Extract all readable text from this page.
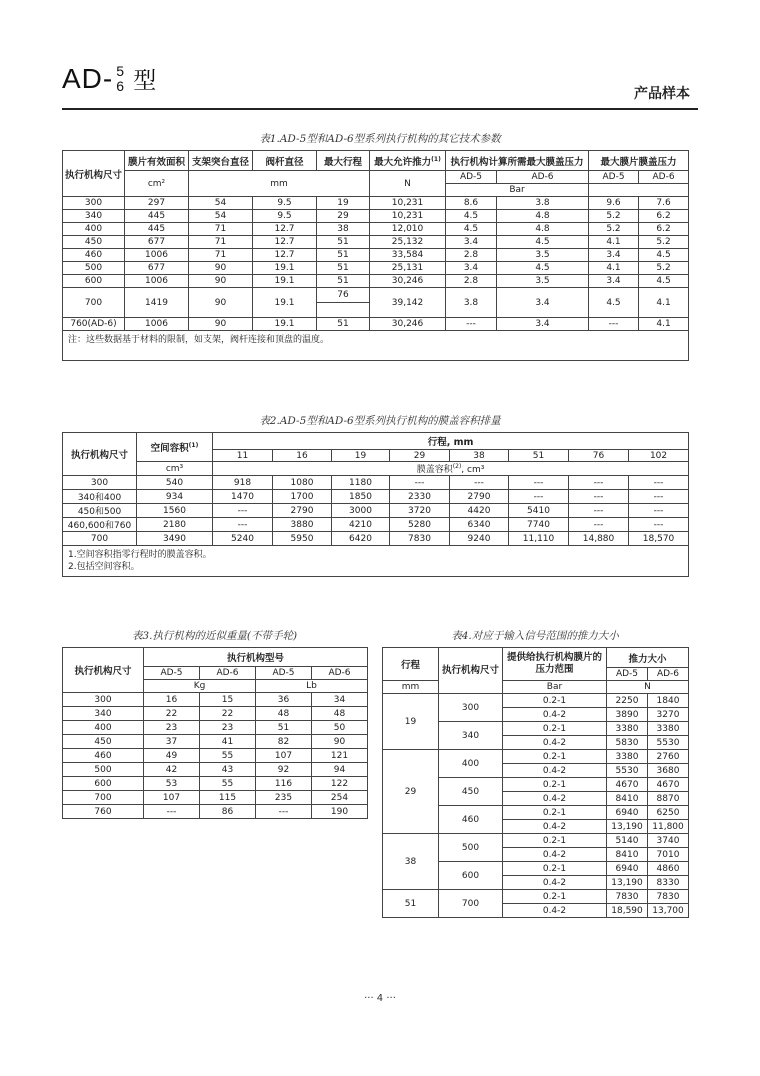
AD- 5
6 型
产品样本
表1.AD-5型和AD-6型系列执行机构的其它技术参数
执行机构尺寸	膜片有效面积	支架突台直径	阀杆直径	最大行程	最大允许推力$^{(1)}$	执行机构计算所需最大膜盖压力		最大膜片膜盖压力	
	cm²	mm			N	AD-5	AD-6	AD-5	AD-6
						Bar			
300	297	54	9.5	19	10,231	8.6	3.8	9.6	7.6
340	445	54	9.5	29	10,231	4.5	4.8	5.2	6.2
400	445	71	12.7	38	12,010	4.5	4.8	5.2	6.2
450	677	71	12.7	51	25,132	3.4	4.5	4.1	5.2
460	1006	71	12.7	51	33,584	2.8	3.5	3.4	4.5
500	677	90	19.1	51	25,131	3.4	4.5	4.1	5.2
600	1006	90	19.1	51	30,246	2.8	3.5	3.4	4.5
700	1419	90	19.1	76	39,142	3.8	3.4	4.5	4.1
760(AD-6)	1006	90	19.1	51	30,246	---	3.4	---	4.1
注：这些数据基于材料的限制，如支架，阀杆连接和顶盘的温度。									
表2.AD-5型和AD-6型系列执行机构的膜盖容积排量
执行机构尺寸	空间容积$^{(1)}$	行程, mm							
		11	16	19	29	38	51	76	102
	cm³	膜盖容积$^{(2)}$, cm³							
300	540	918	1080	1180	---	---	---	---	---
340和400	934	1470	1700	1850	2330	2790	---	---	---
450和500	1560	---	2790	3000	3720	4420	5410	---	---
460,600和760	2180	---	3880	4210	5280	6340	7740	---	---
700	3490	5240	5950	6420	7830	9240	11,110	14,880	18,570

1.空间容积指零行程时的膜盖容积。
2.包括空间容积。									
表3.执行机构的近似重量(不带手轮)
执行机构尺寸	执行机构型号			
	AD-5	AD-6	AD-5	AD-6
	Kg		Lb	
300	16	15	36	34
340	22	22	48	48
400	23	23	51	50
450	37	41	82	90
460	49	55	107	121
500	42	43	92	94
600	53	55	116	122
700	107	115	235	254
760	---	86	---	190
表4.对应于输入信号范围的推力大小
行程	执行机构尺寸	提供给执行机构膜片的压力范围	推力大小	
			AD-5	AD-6
mm		Bar	N	
19	300	0.2-1	2250	1840
		0.4-2	3890	3270
	340	0.2-1	3380	3380
		0.4-2	5830	5530
29	400	0.2-1	3380	2760
		0.4-2	5530	3680
	450	0.2-1	4670	4670
		0.4-2	8410	8870
	460	0.2-1	6940	6250
		0.4-2	13,190	11,800
38	500	0.2-1	5140	3740
		0.4-2	8410	7010
	600	0.2-1	6940	4860
		0.4-2	13,190	8330
51	700	0.2-1	7830	7830
		0.4-2	18,590	13,700
··· 4 ···
